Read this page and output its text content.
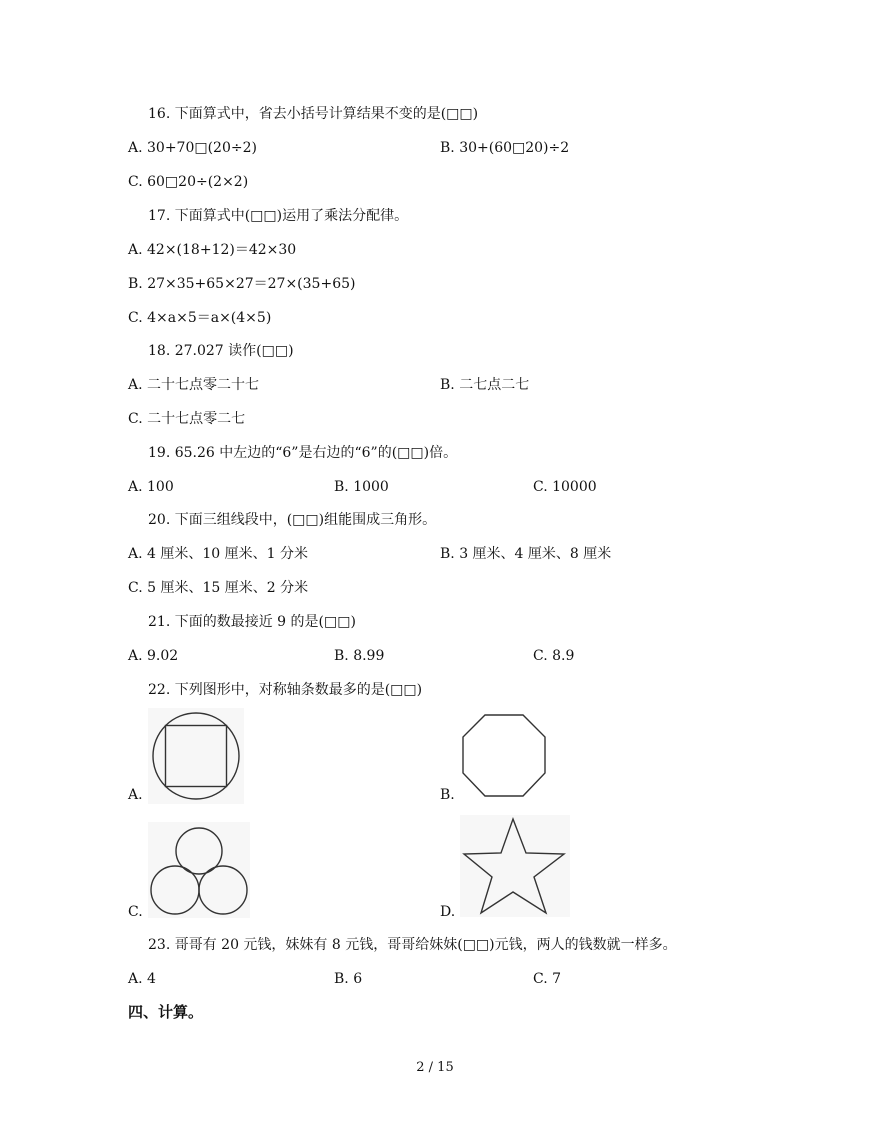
16. 下面算式中，省去小括号计算结果不变的是(□□)
A. 30+70□(20÷2)	B. 30+(60□20)÷2
C. 60□20÷(2×2)
17. 下面算式中(□□)运用了乘法分配律。
A. 42×(18+12)＝42×30
B. 27×35+65×27＝27×(35+65)
C. 4×a×5＝a×(4×5)
18. 27.027 读作(□□)
A. 二十七点零二十七	B. 二七点二七
C. 二十七点零二七
19. 65.26 中左边的“6”是右边的“6”的(□□)倍。
A. 100	B. 1000	C. 10000
20. 下面三组线段中，(□□)组能围成三角形。
A. 4 厘米、10 厘米、1 分米	B. 3 厘米、4 厘米、8 厘米
C. 5 厘米、15 厘米、2 分米
21. 下面的数最接近 9 的是(□□)
A. 9.02	B. 8.99	C. 8.9
22. 下列图形中，对称轴条数最多的是(□□)
A.	B.
C.	D.
23. 哥哥有 20 元钱，妹妹有 8 元钱，哥哥给妹妹(□□)元钱，两人的钱数就一样多。
A. 4	B. 6	C. 7
四、计算。
2 / 15
